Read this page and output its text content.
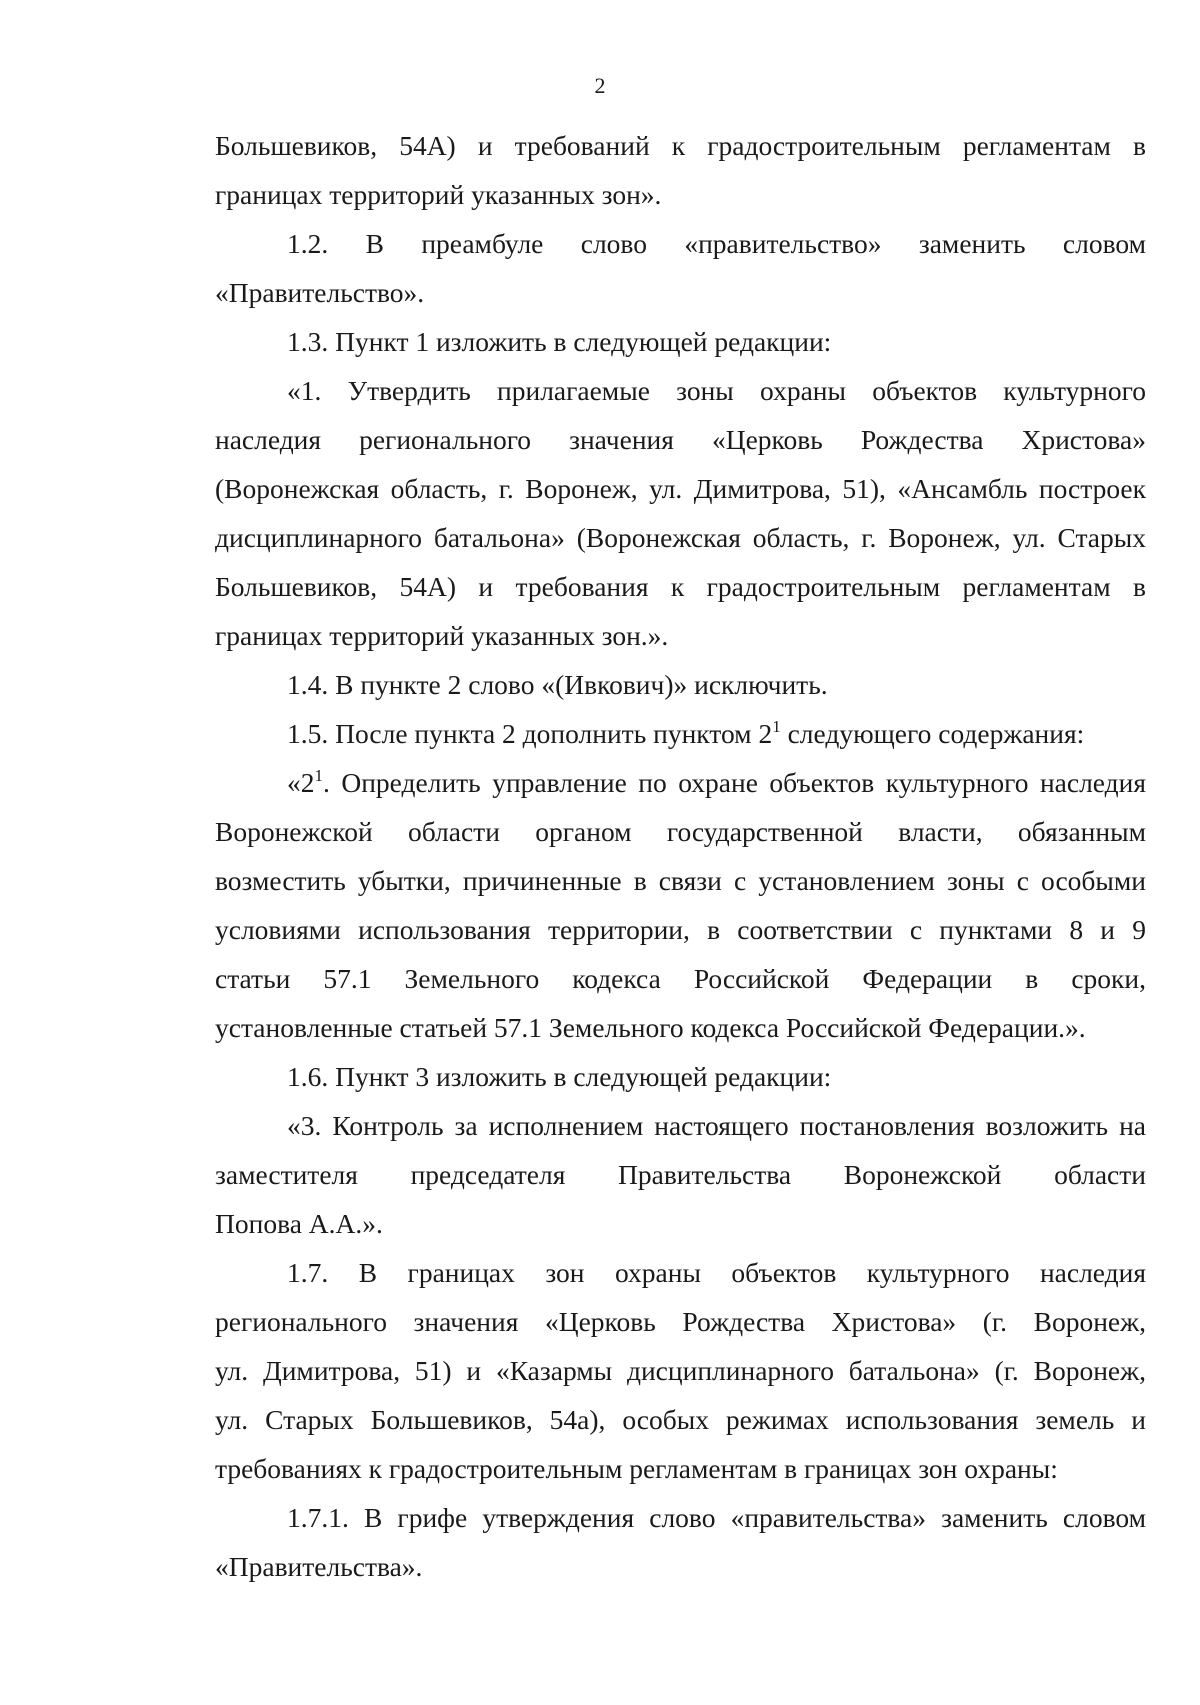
2
Большевиков, 54А) и требований к градостроительным регламентам в
границах территорий указанных зон».
1.2. В преамбуле слово «правительство» заменить словом
«Правительство».
1.3. Пункт 1 изложить в следующей редакции:
«1. Утвердить прилагаемые зоны охраны объектов культурного
наследия регионального значения «Церковь Рождества Христова»
(Воронежская область, г. Воронеж, ул. Димитрова, 51), «Ансамбль построек
дисциплинарного батальона» (Воронежская область, г. Воронеж, ул. Старых
Большевиков, 54А) и требования к градостроительным регламентам в
границах территорий указанных зон.».
1.4. В пункте 2 слово «(Ивкович)» исключить.
1.5. После пункта 2 дополнить пунктом $2^1$ следующего содержания:
«$2^1$. Определить управление по охране объектов культурного наследия
Воронежской области органом государственной власти, обязанным
возместить убытки, причиненные в связи с установлением зоны с особыми
условиями использования территории, в соответствии с пунктами 8 и 9
статьи 57.1 Земельного кодекса Российской Федерации в сроки,
установленные статьей 57.1 Земельного кодекса Российской Федерации.».
1.6. Пункт 3 изложить в следующей редакции:
«3. Контроль за исполнением настоящего постановления возложить на
заместителя председателя Правительства Воронежской области
Попова А.А.».
1.7. В границах зон охраны объектов культурного наследия
регионального значения «Церковь Рождества Христова» (г. Воронеж,
ул. Димитрова, 51) и «Казармы дисциплинарного батальона» (г. Воронеж,
ул. Старых Большевиков, 54а), особых режимах использования земель и
требованиях к градостроительным регламентам в границах зон охраны:
1.7.1. В грифе утверждения слово «правительства» заменить словом
«Правительства».
